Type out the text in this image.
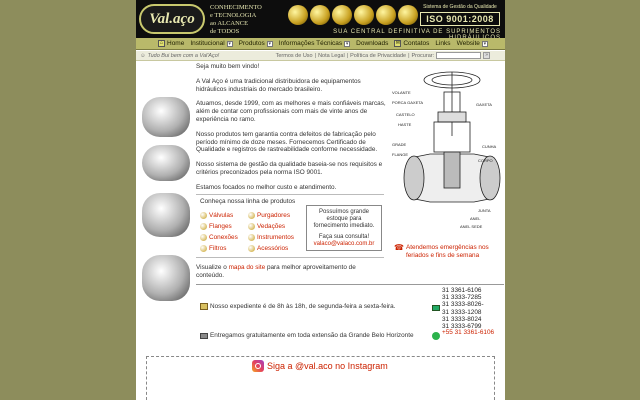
Val.aço
CONHECIMENTO
e TECNOLOGIA
ao ALCANCE
de TODOS
Sistema de Gestão da Qualidade
ISO 9001:2008
SUA CENTRAL DEFINITIVA DE SUPRIMENTOS
⌂ Home Institucional ▾ Produtos ▾ Informações Técnicas ▾ Downloads ✉ Contatos Links Website ▾
☺ Tudo Bui bem com a Val'Aço!	Termos de Uso | Nota Legal | Política de Privacidade | Procurar:	»

Seja muito bem vindo!

A Val Aço é uma tradicional distribuidora de equipamentos hidráulicos industriais do mercado brasileiro.

Atuamos, desde 1999, com as melhores e mais confiáveis marcas, além de contar com profissionais com mais de vinte anos de experiência no ramo.

Nosso produtos tem garantia contra defeitos de fabricação pelo período mínimo de doze meses. Fornecemos Certificado de Qualidade e registros de rastreabilidade conforme necessidade.

Nosso sistema de gestão da qualidade baseia-se nos requisitos e critérios preconizados pela norma ISO 9001.

Estamos focados no melhor custo e atendimento.

VOLANTE
PORCA GAXETA	GAXETA
CASTELO
HASTE
GRADE
FLANGE
CUNHA
CORPO
JUNTA
ANEL
ANEL SEDE
Conheça nossa linha de produtos
Válvulas	Purgadores
Flanges	Vedações
Conexões	Instrumentos
Filtros	Acessórios
Possuímos grande estoque para fornecimento imediato.
Faça sua consulta!
valaco@valaco.com.br	☎ Atendemos emergências nos feriados e fins de semana
Visualize o mapa do site para melhor aproveitamento de conteúdo.
Nosso expediente é de 8h às 18h, de segunda-feira a sexta-feira.
Entregamos gratuitamente em toda extensão da Grande Belo Horizonte
31 3361-6106
31 3333-7285
31 3333-8026-
31 3333-1208
31 3333-8024
31 3333-6799
+55 31 3361-6106
Siga a @val.aco no Instagram
